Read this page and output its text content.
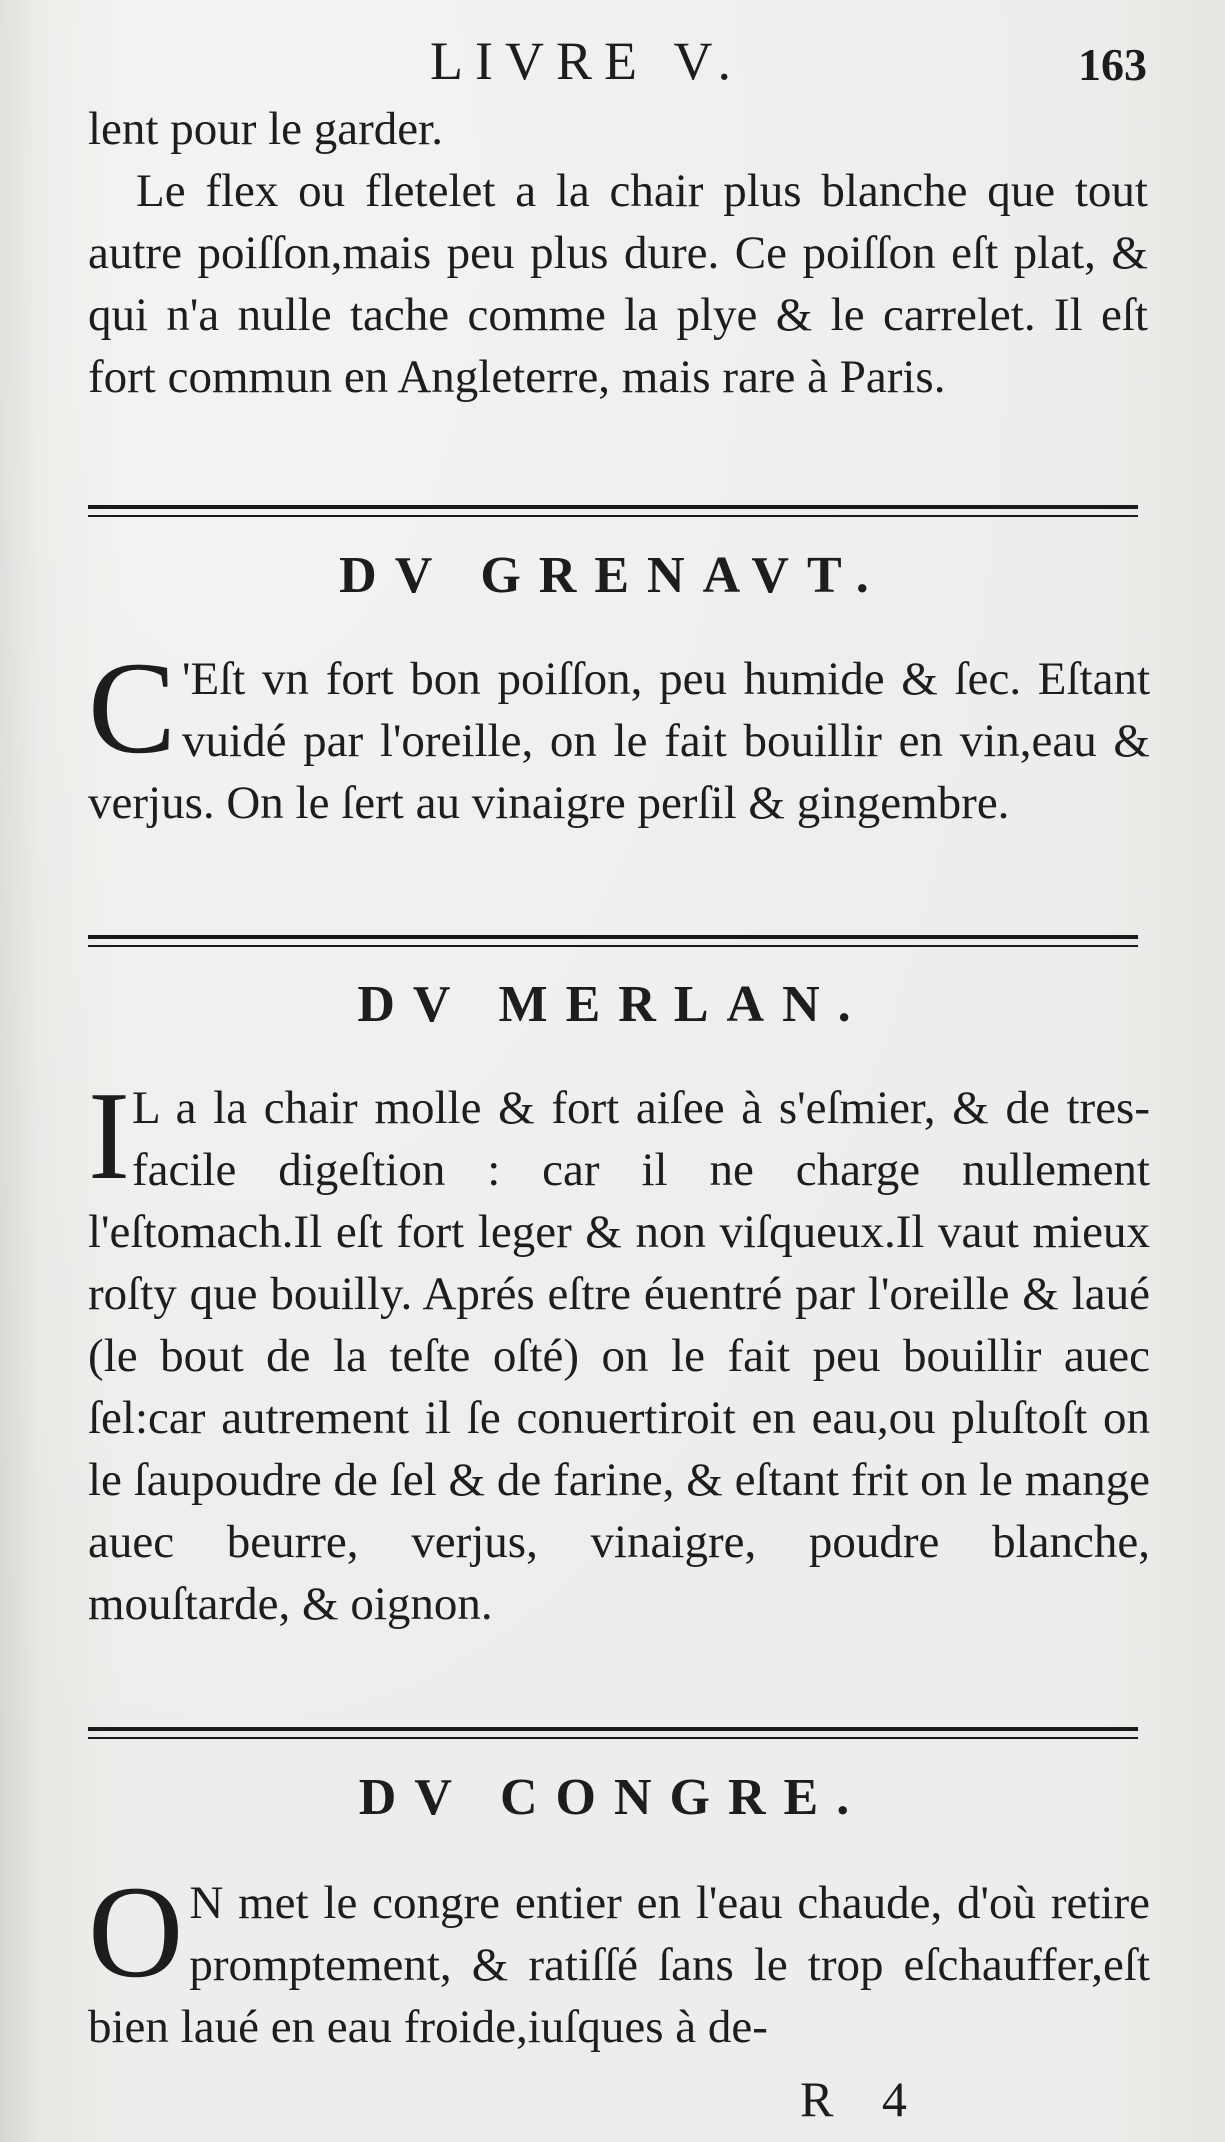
LIVRE V.	163

lent pour le garder.

Le flex ou fletelet a la chair plus blanche que tout autre poiſſon,mais peu plus dure. Ce poiſſon eſt plat, & qui n'a nulle tache comme la plye & le carrelet. Il eſt fort commun en Angleterre, mais rare à Paris.

DV GRENAVT.
C 'Eſt vn fort bon poiſſon, peu humide & ſec. Eſtant vuidé par l'oreille, on le fait bouillir en vin,eau & verjus. On le ſert au vinaigre perſil & gingembre.
DV MERLAN.
I L a la chair molle & fort aiſee à s'eſmier, & de tres-facile digeſtion : car il ne charge nullement l'eſtomach.Il eſt fort leger & non viſqueux.Il vaut mieux roſty que bouilly. Aprés eſtre éuentré par l'oreille & laué (le bout de la teſte oſté) on le fait peu bouillir auec ſel:car autrement il ſe conuertiroit en eau,ou pluſtoſt on le ſaupoudre de ſel & de farine, & eſtant frit on le mange auec beurre, verjus, vinaigre, poudre blanche, mouſtarde, & oignon.
DV CONGRE.
O N met le congre entier en l'eau chaude, d'où retire promptement, & ratiſſé ſans le trop eſchauffer,eſt bien laué en eau froide,iuſques à de-
R 4
